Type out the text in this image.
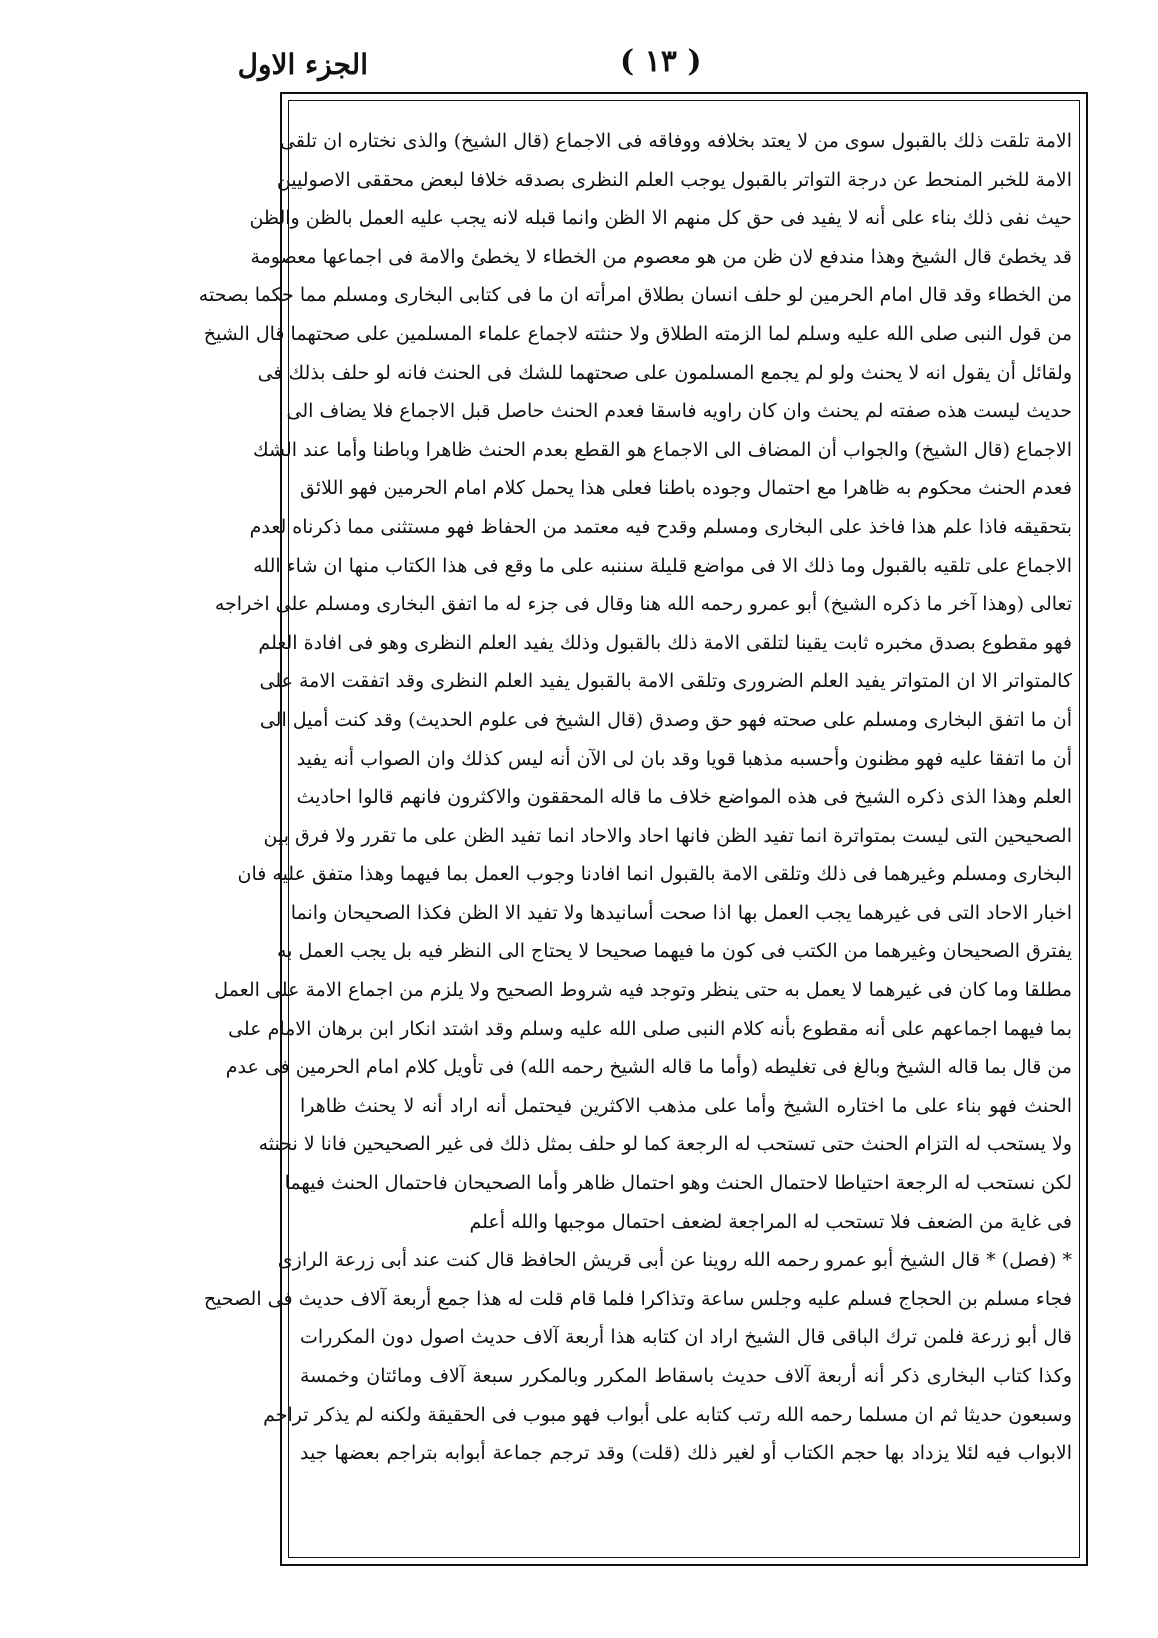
الجزء الاول	( ١٣ )
الامة تلقت ذلك بالقبول سوى من لا يعتد بخلافه ووفاقه فى الاجماع (قال الشيخ) والذى نختاره ان تلقى
الامة للخبر المنحط عن درجة التواتر بالقبول يوجب العلم النظرى بصدقه خلافا لبعض محققى الاصوليين
حيث نفى ذلك بناء على أنه لا يفيد فى حق كل منهم الا الظن وانما قبله لانه يجب عليه العمل بالظن والظن
قد يخطئ قال الشيخ وهذا مندفع لان ظن من هو معصوم من الخطاء لا يخطئ والامة فى اجماعها معصومة
من الخطاء وقد قال امام الحرمين لو حلف انسان بطلاق امرأته ان ما فى كتابى البخارى ومسلم مما حكما بصحته
من قول النبى صلى الله عليه وسلم لما الزمته الطلاق ولا حنثته لاجماع علماء المسلمين على صحتهما قال الشيخ
ولقائل أن يقول انه لا يحنث ولو لم يجمع المسلمون على صحتهما للشك فى الحنث فانه لو حلف بذلك فى
حديث ليست هذه صفته لم يحنث وان كان راويه فاسقا فعدم الحنث حاصل قبل الاجماع فلا يضاف الى
الاجماع (قال الشيخ) والجواب أن المضاف الى الاجماع هو القطع بعدم الحنث ظاهرا وباطنا وأما عند الشك
فعدم الحنث محكوم به ظاهرا مع احتمال وجوده باطنا فعلى هذا يحمل كلام امام الحرمين فهو اللائق
بتحقيقه فاذا علم هذا فاخذ على البخارى ومسلم وقدح فيه معتمد من الحفاظ فهو مستثنى مما ذكرناه لعدم
الاجماع على تلقيه بالقبول وما ذلك الا فى مواضع قليلة سننبه على ما وقع فى هذا الكتاب منها ان شاء الله
تعالى (وهذا آخر ما ذكره الشيخ) أبو عمرو رحمه الله هنا وقال فى جزء له ما اتفق البخارى ومسلم على اخراجه
فهو مقطوع بصدق مخبره ثابت يقينا لتلقى الامة ذلك بالقبول وذلك يفيد العلم النظرى وهو فى افادة العلم
كالمتواتر الا ان المتواتر يفيد العلم الضرورى وتلقى الامة بالقبول يفيد العلم النظرى وقد اتفقت الامة على
أن ما اتفق البخارى ومسلم على صحته فهو حق وصدق (قال الشيخ فى علوم الحديث) وقد كنت أميل الى
أن ما اتفقا عليه فهو مظنون وأحسبه مذهبا قويا وقد بان لى الآن أنه ليس كذلك وان الصواب أنه يفيد
العلم وهذا الذى ذكره الشيخ فى هذه المواضع خلاف ما قاله المحققون والاكثرون فانهم قالوا احاديث
الصحيحين التى ليست بمتواترة انما تفيد الظن فانها احاد والاحاد انما تفيد الظن على ما تقرر ولا فرق بين
البخارى ومسلم وغيرهما فى ذلك وتلقى الامة بالقبول انما افادنا وجوب العمل بما فيهما وهذا متفق عليه فان
اخبار الاحاد التى فى غيرهما يجب العمل بها اذا صحت أسانيدها ولا تفيد الا الظن فكذا الصحيحان وانما
يفترق الصحيحان وغيرهما من الكتب فى كون ما فيهما صحيحا لا يحتاج الى النظر فيه بل يجب العمل به
مطلقا وما كان فى غيرهما لا يعمل به حتى ينظر وتوجد فيه شروط الصحيح ولا يلزم من اجماع الامة على العمل
بما فيهما اجماعهم على أنه مقطوع بأنه كلام النبى صلى الله عليه وسلم وقد اشتد انكار ابن برهان الامام على
من قال بما قاله الشيخ وبالغ فى تغليطه (وأما ما قاله الشيخ رحمه الله) فى تأويل كلام امام الحرمين فى عدم
الحنث فهو بناء على ما اختاره الشيخ وأما على مذهب الاكثرين فيحتمل أنه اراد أنه لا يحنث ظاهرا
ولا يستحب له التزام الحنث حتى تستحب له الرجعة كما لو حلف بمثل ذلك فى غير الصحيحين فانا لا نحنثه
لكن نستحب له الرجعة احتياطا لاحتمال الحنث وهو احتمال ظاهر وأما الصحيحان فاحتمال الحنث فيهما
فى غاية من الضعف فلا تستحب له المراجعة لضعف احتمال موجبها والله أعلم
* (فصل) * قال الشيخ أبو عمرو رحمه الله روينا عن أبى قريش الحافظ قال كنت عند أبى زرعة الرازى
فجاء مسلم بن الحجاج فسلم عليه وجلس ساعة وتذاكرا فلما قام قلت له هذا جمع أربعة آلاف حديث فى الصحيح
قال أبو زرعة فلمن ترك الباقى قال الشيخ اراد ان كتابه هذا أربعة آلاف حديث اصول دون المكررات
وكذا كتاب البخارى ذكر أنه أربعة آلاف حديث باسقاط المكرر وبالمكرر سبعة آلاف ومائتان وخمسة
وسبعون حديثا ثم ان مسلما رحمه الله رتب كتابه على أبواب فهو مبوب فى الحقيقة ولكنه لم يذكر تراجم
الابواب فيه لئلا يزداد بها حجم الكتاب أو لغير ذلك (قلت) وقد ترجم جماعة أبوابه بتراجم بعضها جيد
